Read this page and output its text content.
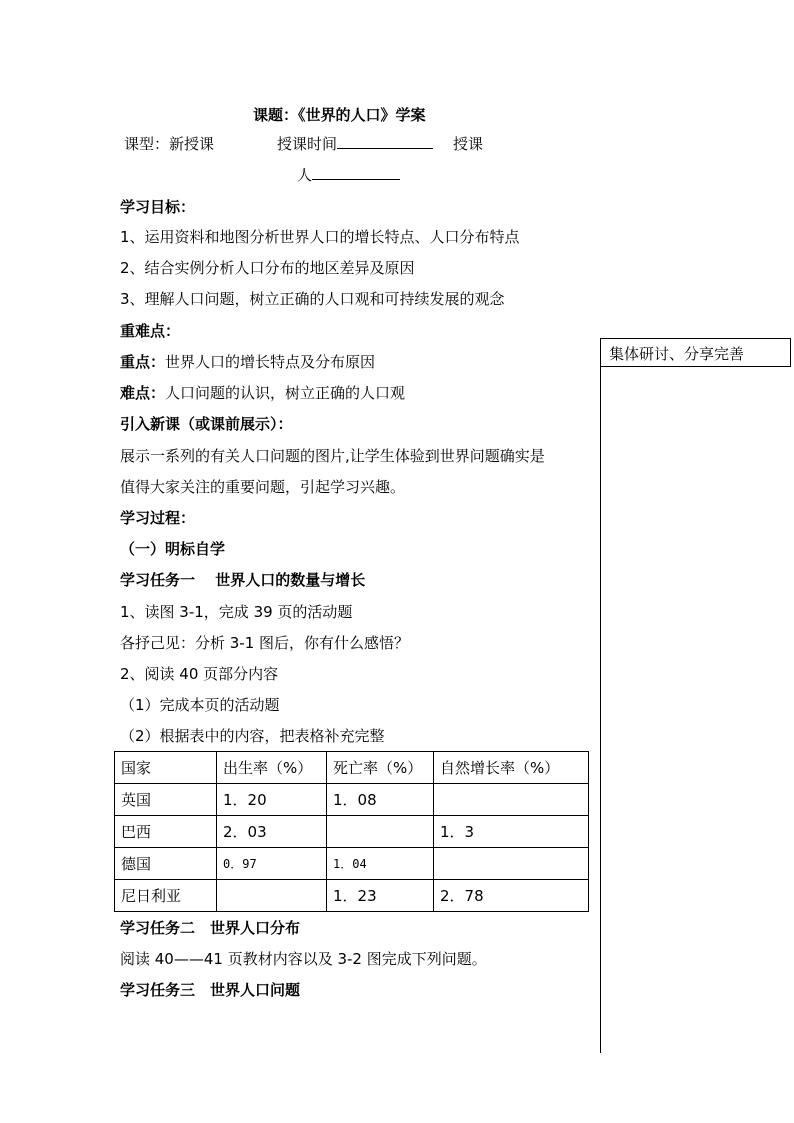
课题：《世界的人口》学案
课型：新授课	授课时间	授课
人
学习目标：
1、运用资料和地图分析世界人口的增长特点、人口分布特点
2、结合实例分析人口分布的地区差异及原因
3、理解人口问题，树立正确的人口观和可持续发展的观念
重难点：
重点：世界人口的增长特点及分布原因
难点：人口问题的认识，树立正确的人口观
引入新课（或课前展示）：
展示一系列的有关人口问题的图片,让学生体验到世界问题确实是
值得大家关注的重要问题，引起学习兴趣。
学习过程：
（一）明标自学
学习任务一　 世界人口的数量与增长
1、读图 3-1，完成 39 页的活动题
各抒己见：分析 3-1 图后，你有什么感悟？
2、阅读 40 页部分内容
（1）完成本页的活动题
（2）根据表中的内容，把表格补充完整
国家	出生率（%）	死亡率（%）	自然增长率（%）
英国	1．20	1．08	
巴西	2．03		1．3
德国	0．97	1．04	
尼日利亚		1．23	2．78
学习任务二　世界人口分布
阅读 40——41 页教材内容以及 3-2 图完成下列问题。
学习任务三　世界人口问题
集体研讨、分享完善
